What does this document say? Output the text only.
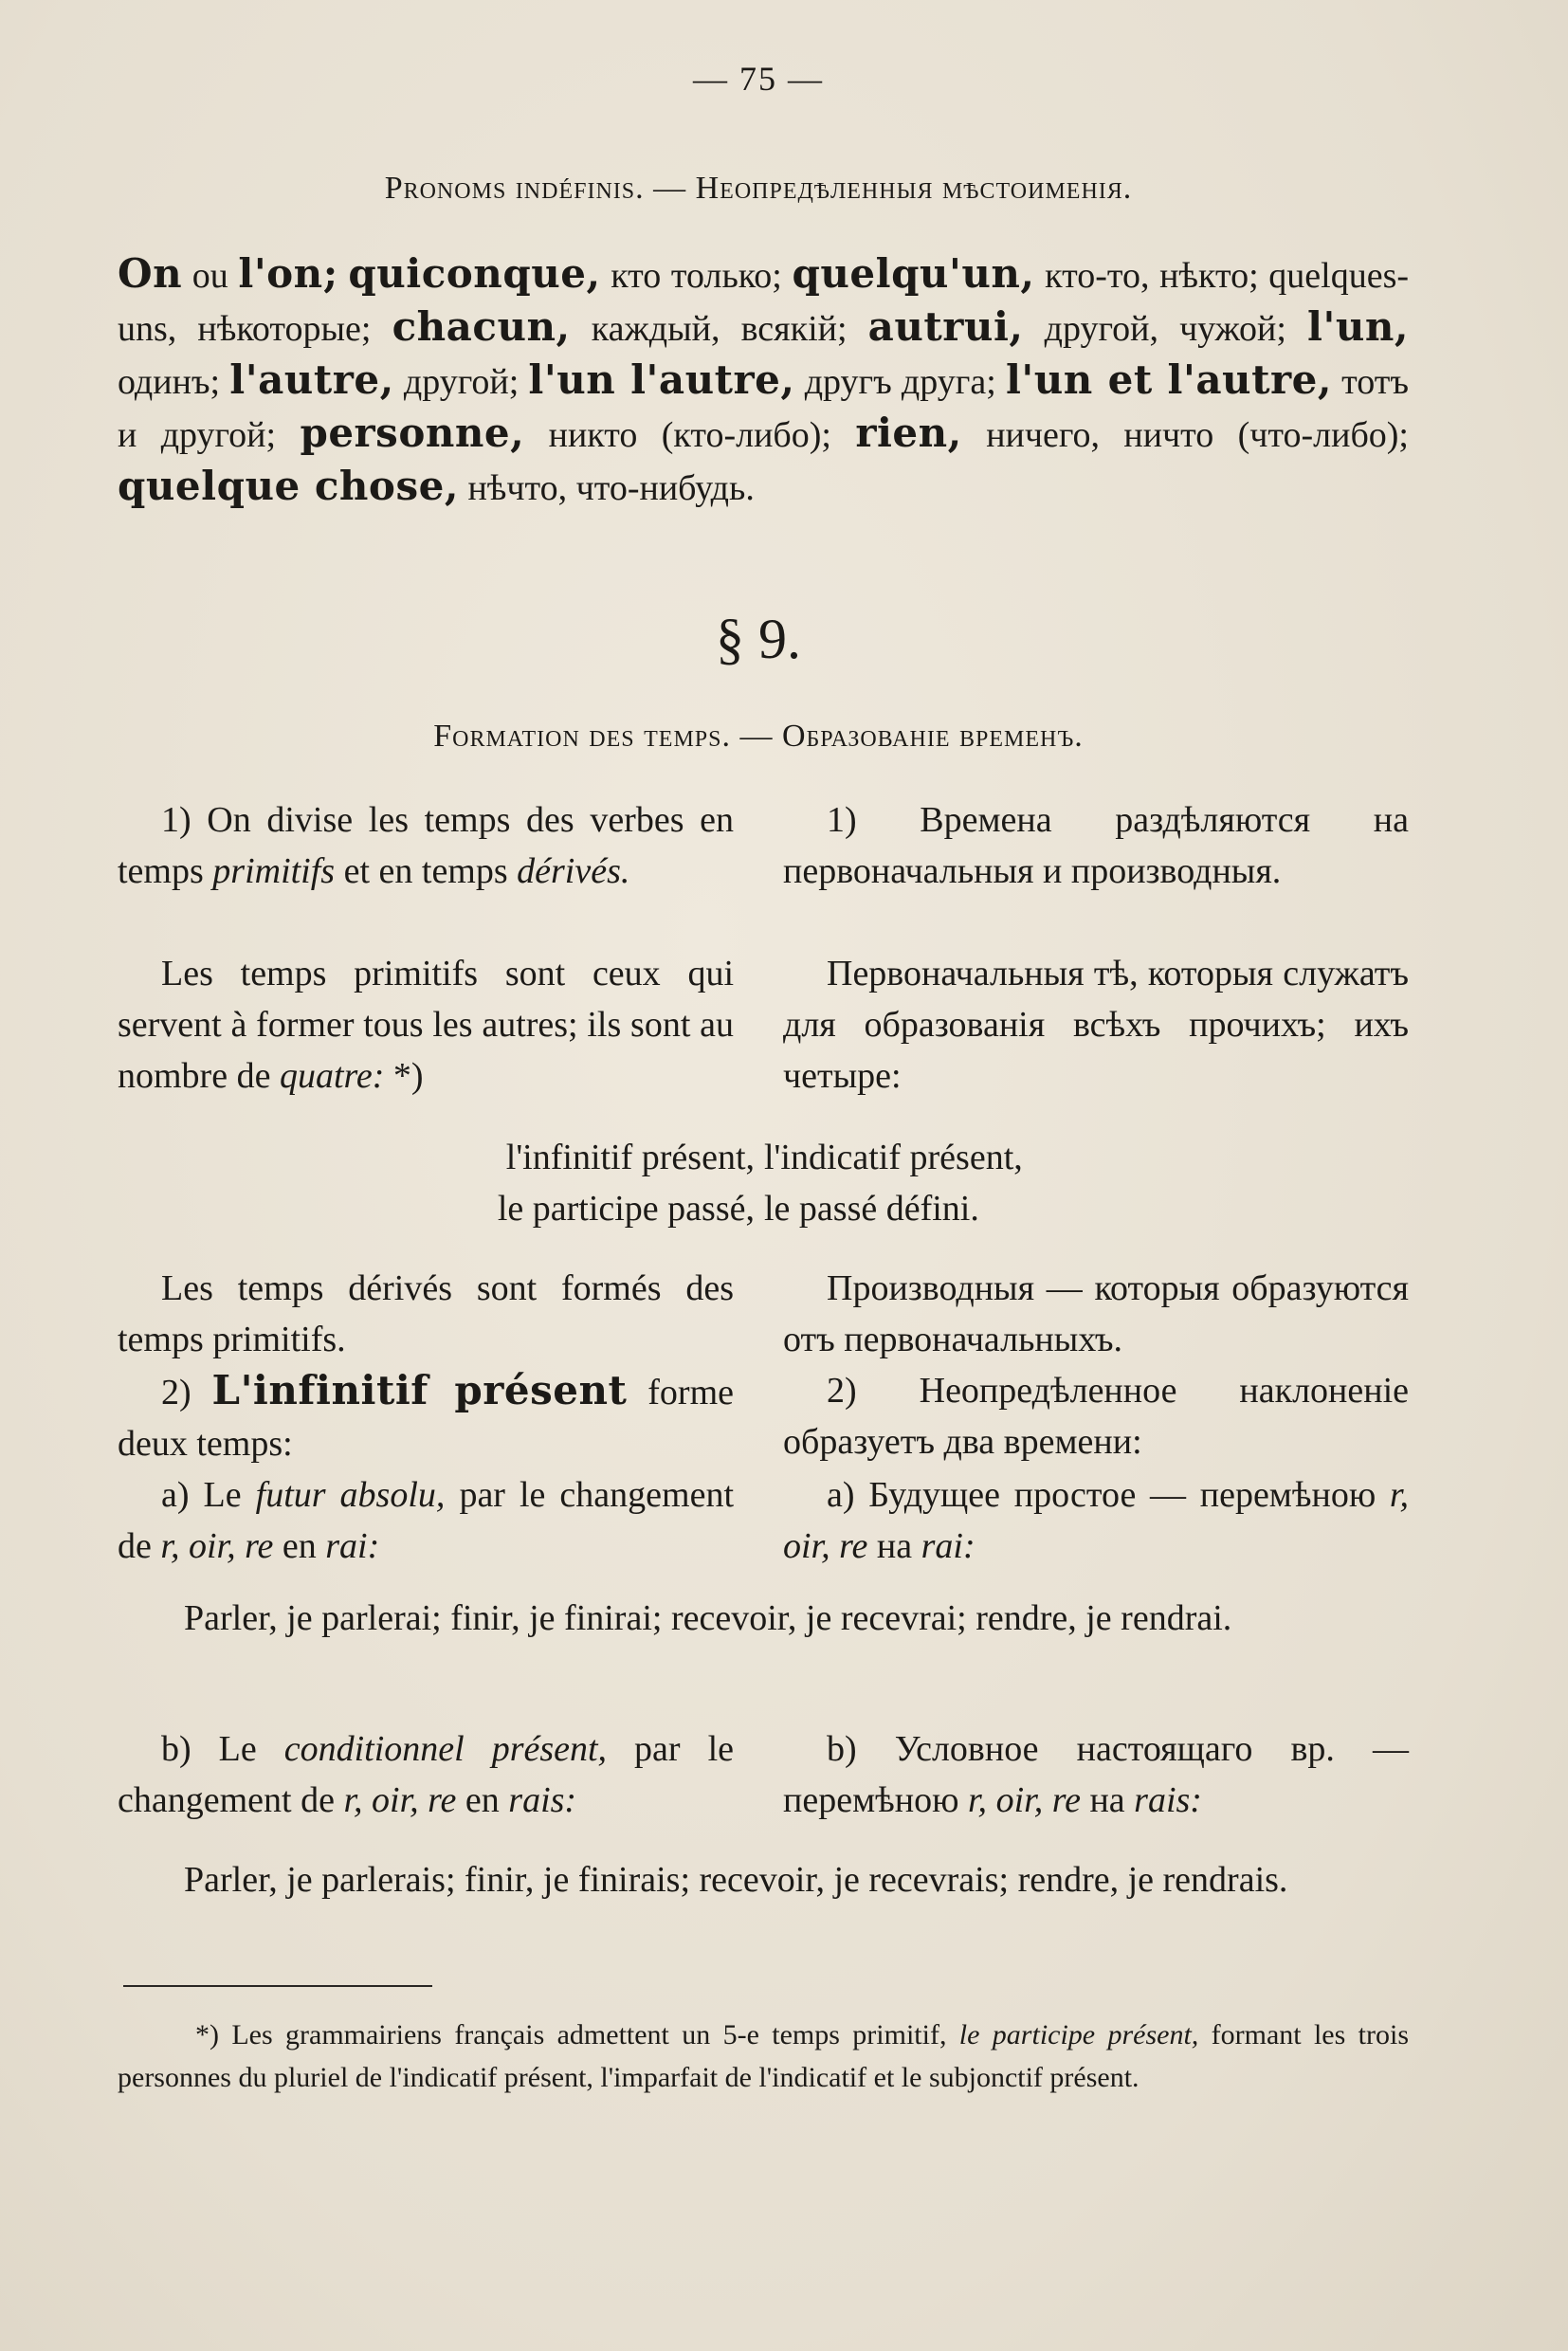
— 75 —
Pronoms indéfinis. — Неопредѣленныя мѣстоименія.
On ou l'on; quiconque, кто только; quelqu'un, кто-то, нѣкто; quelques-uns, нѣкоторые; chacun, каждый, всякій; autrui, другой, чужой; l'un, одинъ; l'autre, другой; l'un l'autre, другъ друга; l'un et l'autre, тотъ и другой; personne, никто (кто-либо); rien, ничего, ничто (что-либо); quelque chose, нѣчто, что-нибудь.
§ 9.
Formation des temps. — Образованіе временъ.

1) On divise les temps des verbes en temps primitifs et en temps dérivés.

1) Времена раздѣляются на первоначальныя и производныя.

Les temps primitifs sont ceux qui servent à former tous les autres; ils sont au nombre de quatre: *)

Первоначальныя тѣ, которыя служатъ для образованія всѣхъ прочихъ; ихъ четыре:

l'infinitif présent, l'indicatif présent,
le participe passé, le passé défini.

Les temps dérivés sont formés des temps primitifs.

Производныя — которыя образуются отъ первоначальныхъ.

2) L'infinitif présent forme deux temps:

2) Неопредѣленное наклоненіе образуетъ два времени:

a) Le futur absolu, par le changement de r, oir, re en rai:

a) Будущее простое — перемѣною r, oir, re на rai:

Parler, je parlerai; finir, je finirai; recevoir, je recevrai; rendre, je rendrai.

b) Le conditionnel présent, par le changement de r, oir, re en rais:

b) Условное настоящаго вр. — перемѣною r, oir, re на rais:

Parler, je parlerais; finir, je finirais; recevoir, je recevrais; rendre, je rendrais.
*) Les grammairiens français admettent un 5-e temps primitif, le participe présent, formant les trois personnes du pluriel de l'indicatif présent, l'imparfait de l'indicatif et le subjonctif présent.
